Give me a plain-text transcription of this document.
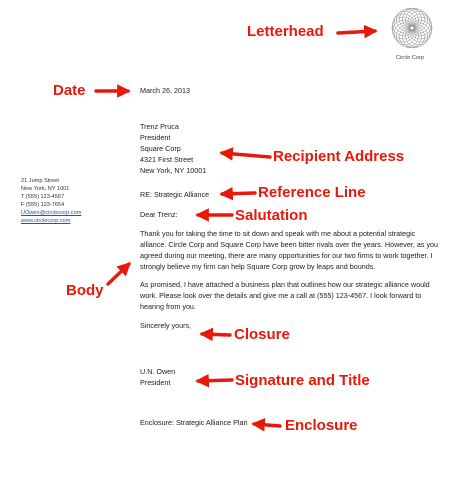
Circle Corp
21 Jump Street
New York, NY 1001
T (555) 123-4567
F (555) 123-7654
UOwen@circlecorp.com
www.circlecorp.com
March 26, 2013
Trenz Pruca
President
Square Corp
4321 First Street
New York, NY 10001
RE: Strategic Alliance
Dear Trenz:
Thank you for taking the time to sit down and speak with me about a potential strategic
alliance. Circle Corp and Square Corp have been bitter rivals over the years. However, as you
agreed during our meeting, there are many opportunities for our two firms to work together. I
strongly believe my firm can help Square Corp grow by leaps and bounds.
As promised, I have attached a business plan that outlines how our strategic alliance would
work. Please look over the details and give me a call at (555) 123-4567. I look forward to
hearing from you.
Sincerely yours,
U.N. Owen
President
Enclosure: Strategic Alliance Plan
Letterhead
Date
Recipient Address
Reference Line
Salutation
Body
Closure
Signature and Title
Enclosure
